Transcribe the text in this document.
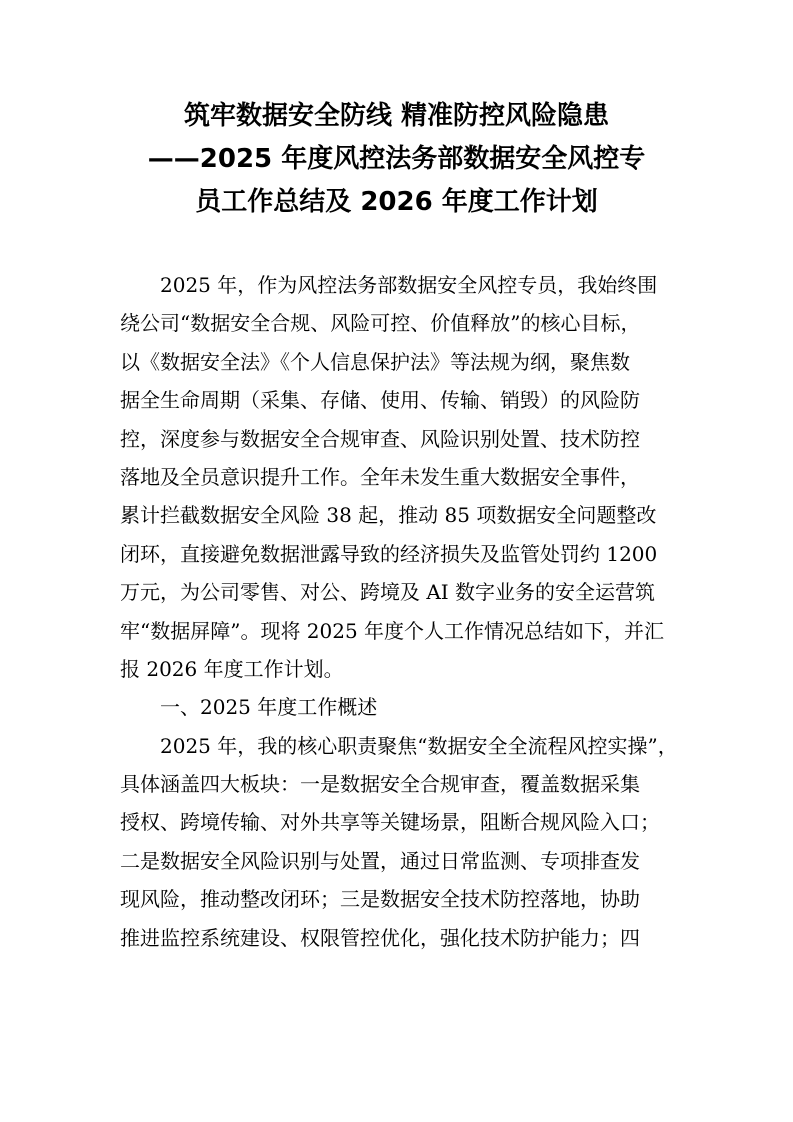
筑牢数据安全防线 精准防控风险隐患
——2025 年度风控法务部数据安全风控专
员工作总结及 2026 年度工作计划
2025 年，作为风控法务部数据安全风控专员，我始终围
绕公司“数据安全合规、风险可控、价值释放”的核心目标，
以《数据安全法》《个人信息保护法》等法规为纲，聚焦数
据全生命周期（采集、存储、使用、传输、销毁）的风险防
控，深度参与数据安全合规审查、风险识别处置、技术防控
落地及全员意识提升工作。全年未发生重大数据安全事件，
累计拦截数据安全风险 38 起，推动 85 项数据安全问题整改
闭环，直接避免数据泄露导致的经济损失及监管处罚约 1200
万元，为公司零售、对公、跨境及 AI 数字业务的安全运营筑
牢“数据屏障”。现将 2025 年度个人工作情况总结如下，并汇
报 2026 年度工作计划。
一、2025 年度工作概述
2025 年，我的核心职责聚焦“数据安全全流程风控实操”，
具体涵盖四大板块：一是数据安全合规审查，覆盖数据采集
授权、跨境传输、对外共享等关键场景，阻断合规风险入口；
二是数据安全风险识别与处置，通过日常监测、专项排查发
现风险，推动整改闭环；三是数据安全技术防控落地，协助
推进监控系统建设、权限管控优化，强化技术防护能力；四
